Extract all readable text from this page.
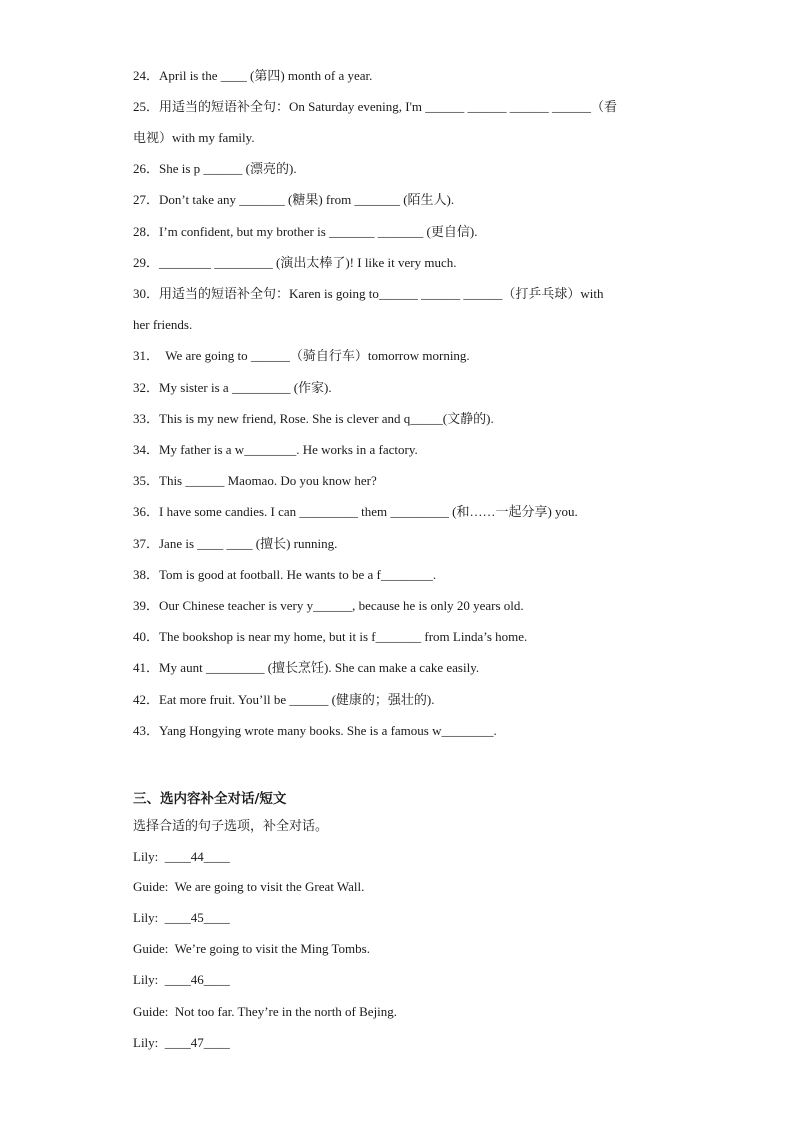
24．April is the ____ (第四) month of a year.
25．用适当的短语补全句：On Saturday evening, I'm ______ ______ ______ ______（看
电视）with my family.
26．She is p ______ (漂亮的).
27．Don’t take any _______ (糖果) from _______ (陌生人).
28．I’m confident, but my brother is _______ _______ (更自信).
29．________ _________ (演出太棒了)! I like it very much.
30．用适当的短语补全句：Karen is going to______ ______ ______（打乒乓球）with
her friends.
31．  We are going to ______（骑自行车）tomorrow morning.
32．My sister is a _________ (作家).
33．This is my new friend, Rose. She is clever and q_____(文静的).
34．My father is a w________. He works in a factory.
35．This ______ Maomao. Do you know her?
36．I have some candies. I can _________ them _________ (和……一起分享) you.
37．Jane is ____ ____ (擅长) running.
38．Tom is good at football. He wants to be a f________.
39．Our Chinese teacher is very y______, because he is only 20 years old.
40．The bookshop is near my home, but it is f_______ from Linda’s home.
41．My aunt _________ (擅长烹饪). She can make a cake easily.
42．Eat more fruit. You’ll be ______ (健康的；强壮的).
43．Yang Hongying wrote many books. She is a famous w________.
三、选内容补全对话/短文
选择合适的句子选项，补全对话。
Lily: ____44____
Guide: We are going to visit the Great Wall.
Lily: ____45____
Guide: We’re going to visit the Ming Tombs.
Lily: ____46____
Guide: Not too far. They’re in the north of Bejing.
Lily: ____47____
